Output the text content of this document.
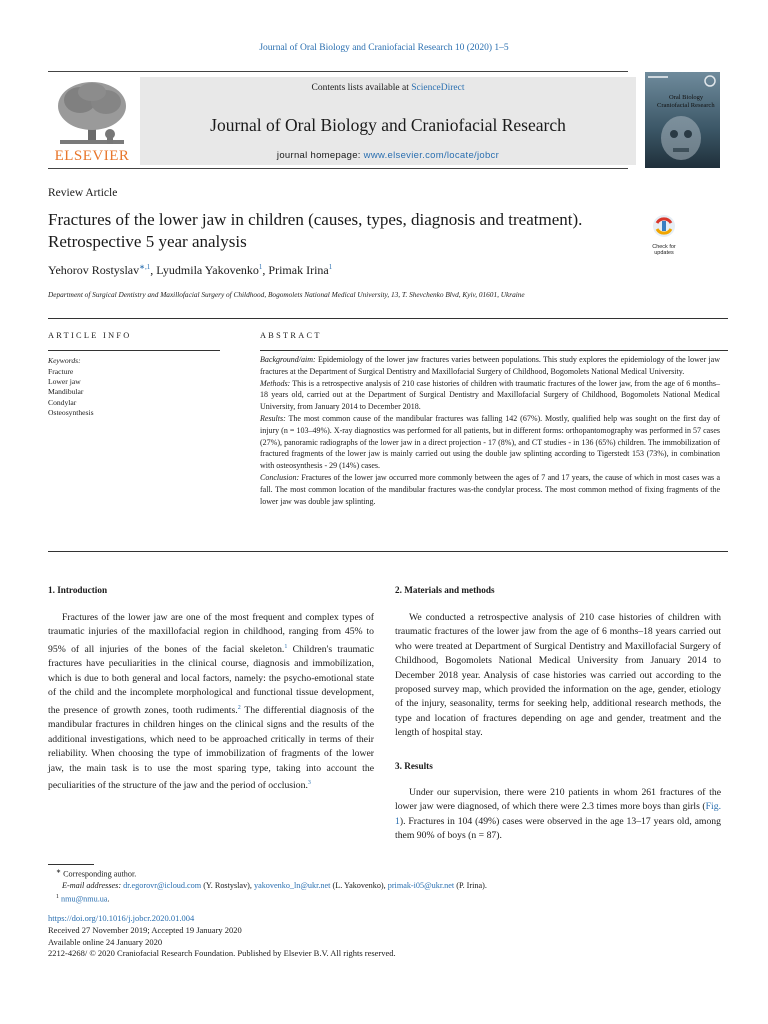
Journal of Oral Biology and Craniofacial Research 10 (2020) 1–5
ELSEVIER
Contents lists available at ScienceDirect
Journal of Oral Biology and Craniofacial Research
journal homepage: www.elsevier.com/locate/jobcr
Oral Biology
Craniofacial Research
Review Article
Fractures of the lower jaw in children (causes, types, diagnosis and treatment). Retrospective 5 year analysis	Check for
updates
Yehorov Rostyslav$^{∗,1}$, Lyudmila Yakovenko$^1$, Primak Irina$^1$
Department of Surgical Dentistry and Maxillofacial Surgery of Childhood, Bogomolets National Medical University, 13, T. Shevchenko Blvd, Kyiv, 01601, Ukraine
ARTICLE INFO	ABSTRACT
Keywords:
Fracture
Lower jaw
Mandibular
Condylar
Osteosynthesis

Background/aim: Epidemiology of the lower jaw fractures varies between populations. This study explores the epidemiology of the lower jaw fractures at the Department of Surgical Dentistry and Maxillofacial Surgery of Childhood, Bogomolets National Medical University.

Methods: This is a retrospective analysis of 210 case histories of children with traumatic fractures of the lower jaw, from the age of 6 months–18 years old, carried out at the Department of Surgical Dentistry and Maxillofacial Surgery of Childhood, Bogomolets National Medical University, from January 2014 to December 2018.

Results: The most common cause of the mandibular fractures was falling 142 (67%). Mostly, qualified help was sought on the first day of injury (n = 103–49%). X-ray diagnostics was performed for all patients, but in different forms: orthopantomography was performed in 57 cases (27%), panoramic radiographs of the lower jaw in a direct projection - 17 (8%), and CT studies - in 136 (65%) children. The immobilization of fractured fragments of the lower jaw is mainly carried out using the double jaw splinting according to Tigerstedt 153 (73%), in combination with osteosynthesis - 29 (14%) cases.

Conclusion: Fractures of the lower jaw occurred more commonly between the ages of 7 and 17 years, the cause of which in most cases was a fall. The most common location of the mandibular fractures was-the condylar process. The most common method of fixing fragments of the lower jaw was double jaw splinting.

1. Introduction

Fractures of the lower jaw are one of the most frequent and complex types of traumatic injuries of the maxillofacial region in childhood, ranging from 45% to 95% of all injuries of the bones of the facial skeleton.$^1$ Children's traumatic fractures have peculiarities in the clinical course, diagnosis and immobilization, which is due to both general and local factors, namely: the psycho-emotional state of the child and the incomplete morphological and functional tissue development, the presence of growth zones, tooth rudiments.$^2$ The differential diagnosis of the mandibular fractures in children hinges on the clinical signs and the results of the additional investigations, which need to be approached critically in terms of their reliability. When choosing the type of immobilization of fragments of the lower jaw, the main task is to use the most sparing type, taking into account the peculiarities of the structure of the jaw and the period of occlusion.$^3$

2. Materials and methods

We conducted a retrospective analysis of 210 case histories of children with traumatic fractures of the lower jaw from the age of 6 months–18 years carried out who were treated at Department of Surgical Dentistry and Maxillofacial Surgery of Childhood, Bogomolets National Medical University from January 2014 to December 2018 year. Analysis of case histories was carried out according to the proposed survey map, which provided the information on the age, gender, etiology of the injury, seasonality, terms for seeking help, additional research methods, the type and location of fractures depending on age and gender, treatment and the length of hospital stay.

3. Results

Under our supervision, there were 210 patients in whom 261 fractures of the lower jaw were diagnosed, of which there were 2.3 times more boys than girls (Fig. 1). Fractures in 104 (49%) cases were observed in the age 13–17 years old, among them 90% of boys (n = 87).

∗ Corresponding author.
E-mail addresses: dr.egorovr@icloud.com (Y. Rostyslav), yakovenko_ln@ukr.net (L. Yakovenko), primak-i05@ukr.net (P. Irina).
$^1$ nmu@nmu.ua.
https://doi.org/10.1016/j.jobcr.2020.01.004
Received 27 November 2019; Accepted 19 January 2020
Available online 24 January 2020
2212-4268/ © 2020 Craniofacial Research Foundation. Published by Elsevier B.V. All rights reserved.
